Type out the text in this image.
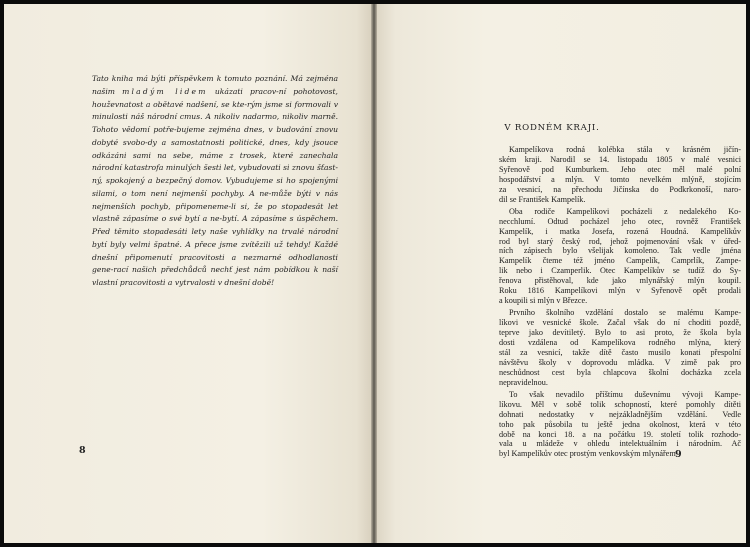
Tato kniha má býti příspěvkem k tomuto poznání. Má zejména našim mladým lidem ukázati pracov-ní pohotovost, houževnatost a obětavé nadšení, se kte-rým jsme si formovali v minulosti náš národní cmus. A nikoliv nadarmo, nikoliv marně. Tohoto vědomí potře-bujeme zejména dnes, v budování znovu dobyté svobo-dy a samostatnosti politické, dnes, kdy jsouce odkázáni sami na sebe, máme z trosek, které zanechala národní katastrofa minulých šesti let, vybudovati si znovu šťast-ný, spokojený a bezpečný domov. Vybudujeme si ho spojenými silami, o tom není nejmenší pochyby. A ne-může býti v nás nejmenších pochyb, připomeneme-li si, že po stopadesát let vlastně zápasíme o své bytí a ne-bytí. A zápasíme s úspěchem. Před těmito stopadesáti lety naše vyhlídky na trvalé národní bytí byly velmi špatné. A přece jsme zvítězili už tehdy! Každé dnešní připomenutí pracovitosti a nezmarné odhodlanosti gene-rací našich předchůdců nechť jest nám pobídkou k naší vlastní pracovitosti a vytrvalosti v dnešní době!

8
V RODNÉM KRAJI.
Kampelíkova rodná kolébka stála v krásném jičín-
ském kraji. Narodil se 14. listopadu 1805 v malé vesnici
Syřenově pod Kumburkem. Jeho otec měl malé polní
hospodářství a mlýn. V tomto nevelkém mlýně, stojícím
za vesnicí, na přechodu Jičínska do Podkrkonoší, naro-
dil se František Kampelík.
Oba rodiče Kampelíkovi pocházeli z nedalekého Ko-
necchlumí. Odtud pocházel jeho otec, rovněž František
Kampelík, i matka Josefa, rozená Houdná. Kampelíkův
rod byl starý český rod, jehož pojmenování však v úřed-
ních zápisech bylo všelijak komoleno. Tak vedle jména
Kampelík čteme též jméno Campelík, Camprlík, Zampe-
lik nebo i Czamperlik. Otec Kampelíkův se tudíž do Sy-
řenova přistěhoval, kde jako mlynářský mlýn koupil.
Roku 1816 Kampelíkovi mlýn v Syřenově opět prodali
a koupili si mlýn v Březce.
Prvního školního vzdělání dostalo se malému Kampe-
líkovi ve vesnické škole. Začal však do ní choditi pozdě,
teprve jako devítiletý. Bylo to asi proto, že škola byla
dosti vzdálena od Kampelíkova rodného mlýna, který
stál za vesnicí, takže dítě často musilo konati přespolní
návštěvu školy v doprovodu mládka. V zimě pak pro
neschůdnost cest byla chlapcova školní docházka zcela
nepravidelnou.
To však nevadilo příštímu duševnímu vývoji Kampe-
líkovu. Měl v sobě tolik schopností, které pomohly dítěti
dohnati nedostatky v nejzákladnějším vzdělání. Vedle
toho pak působila tu ještě jedna okolnost, která v této
době na konci 18. a na počátku 19. století tolik rozhodo-
vala u mládeže v ohledu intelektuálním i národním. Ač
byl Kampelíkův otec prostým venkovským mlynářem 9
